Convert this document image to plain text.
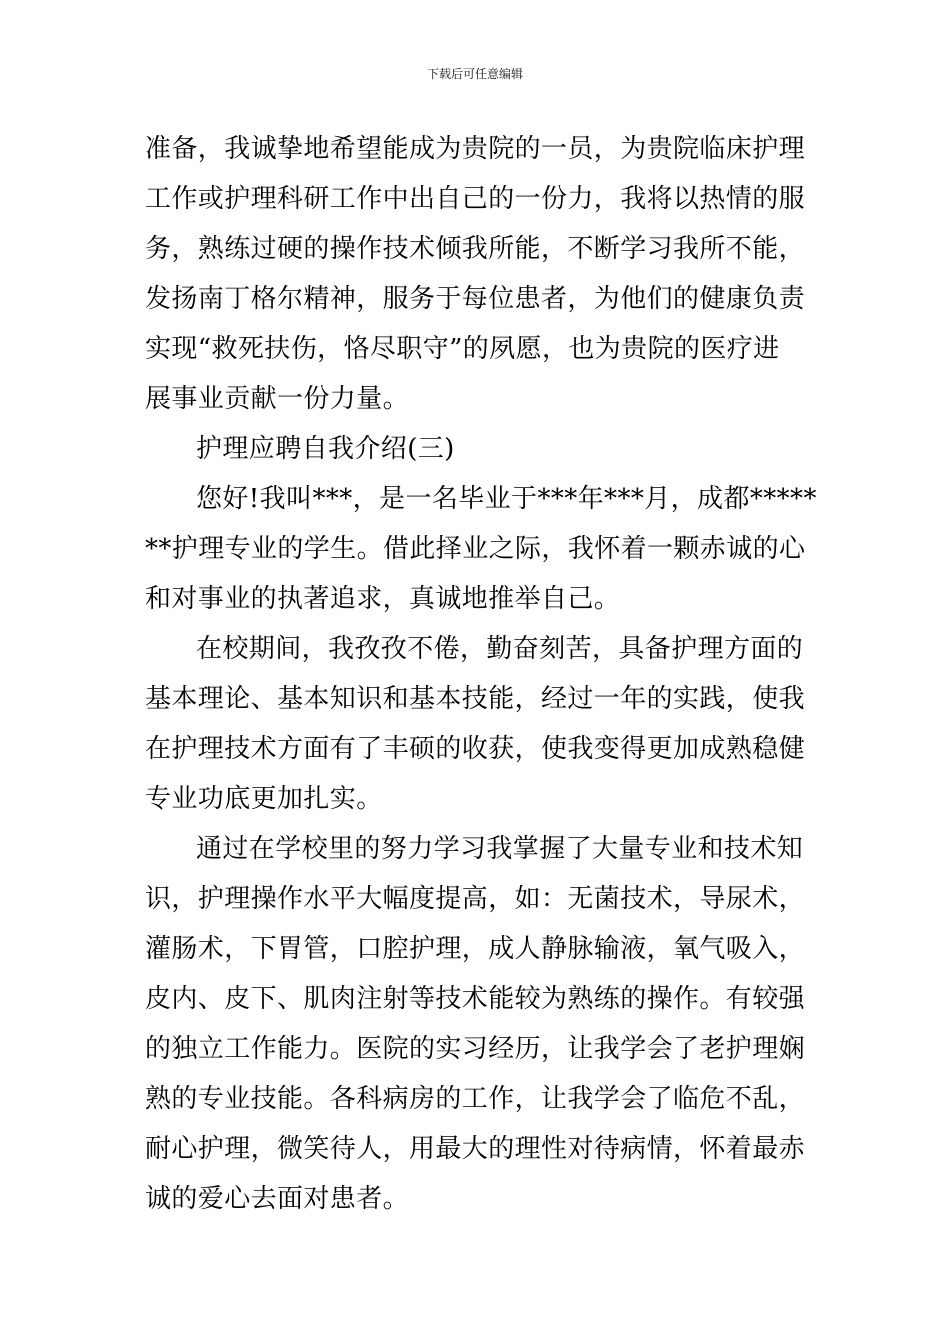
下载后可任意编辑
准备，我诚挚地希望能成为贵院的一员，为贵院临床护理
工作或护理科研工作中出自己的一份力，我将以热情的服
务，熟练过硬的操作技术倾我所能，不断学习我所不能，
发扬南丁格尔精神，服务于每位患者，为他们的健康负责
实现“救死扶伤，恪尽职守”的夙愿，也为贵院的医疗进
展事业贡献一份力量。
护理应聘自我介绍(三)
您好!我叫***，是一名毕业于***年***月，成都*****
**护理专业的学生。借此择业之际，我怀着一颗赤诚的心
和对事业的执著追求，真诚地推举自己。
在校期间，我孜孜不倦，勤奋刻苦，具备护理方面的
基本理论、基本知识和基本技能，经过一年的实践，使我
在护理技术方面有了丰硕的收获，使我变得更加成熟稳健
专业功底更加扎实。
通过在学校里的努力学习我掌握了大量专业和技术知
识，护理操作水平大幅度提高，如：无菌技术，导尿术，
灌肠术，下胃管，口腔护理，成人静脉输液，氧气吸入，
皮内、皮下、肌肉注射等技术能较为熟练的操作。有较强
的独立工作能力。医院的实习经历，让我学会了老护理娴
熟的专业技能。各科病房的工作，让我学会了临危不乱，
耐心护理，微笑待人，用最大的理性对待病情，怀着最赤
诚的爱心去面对患者。
